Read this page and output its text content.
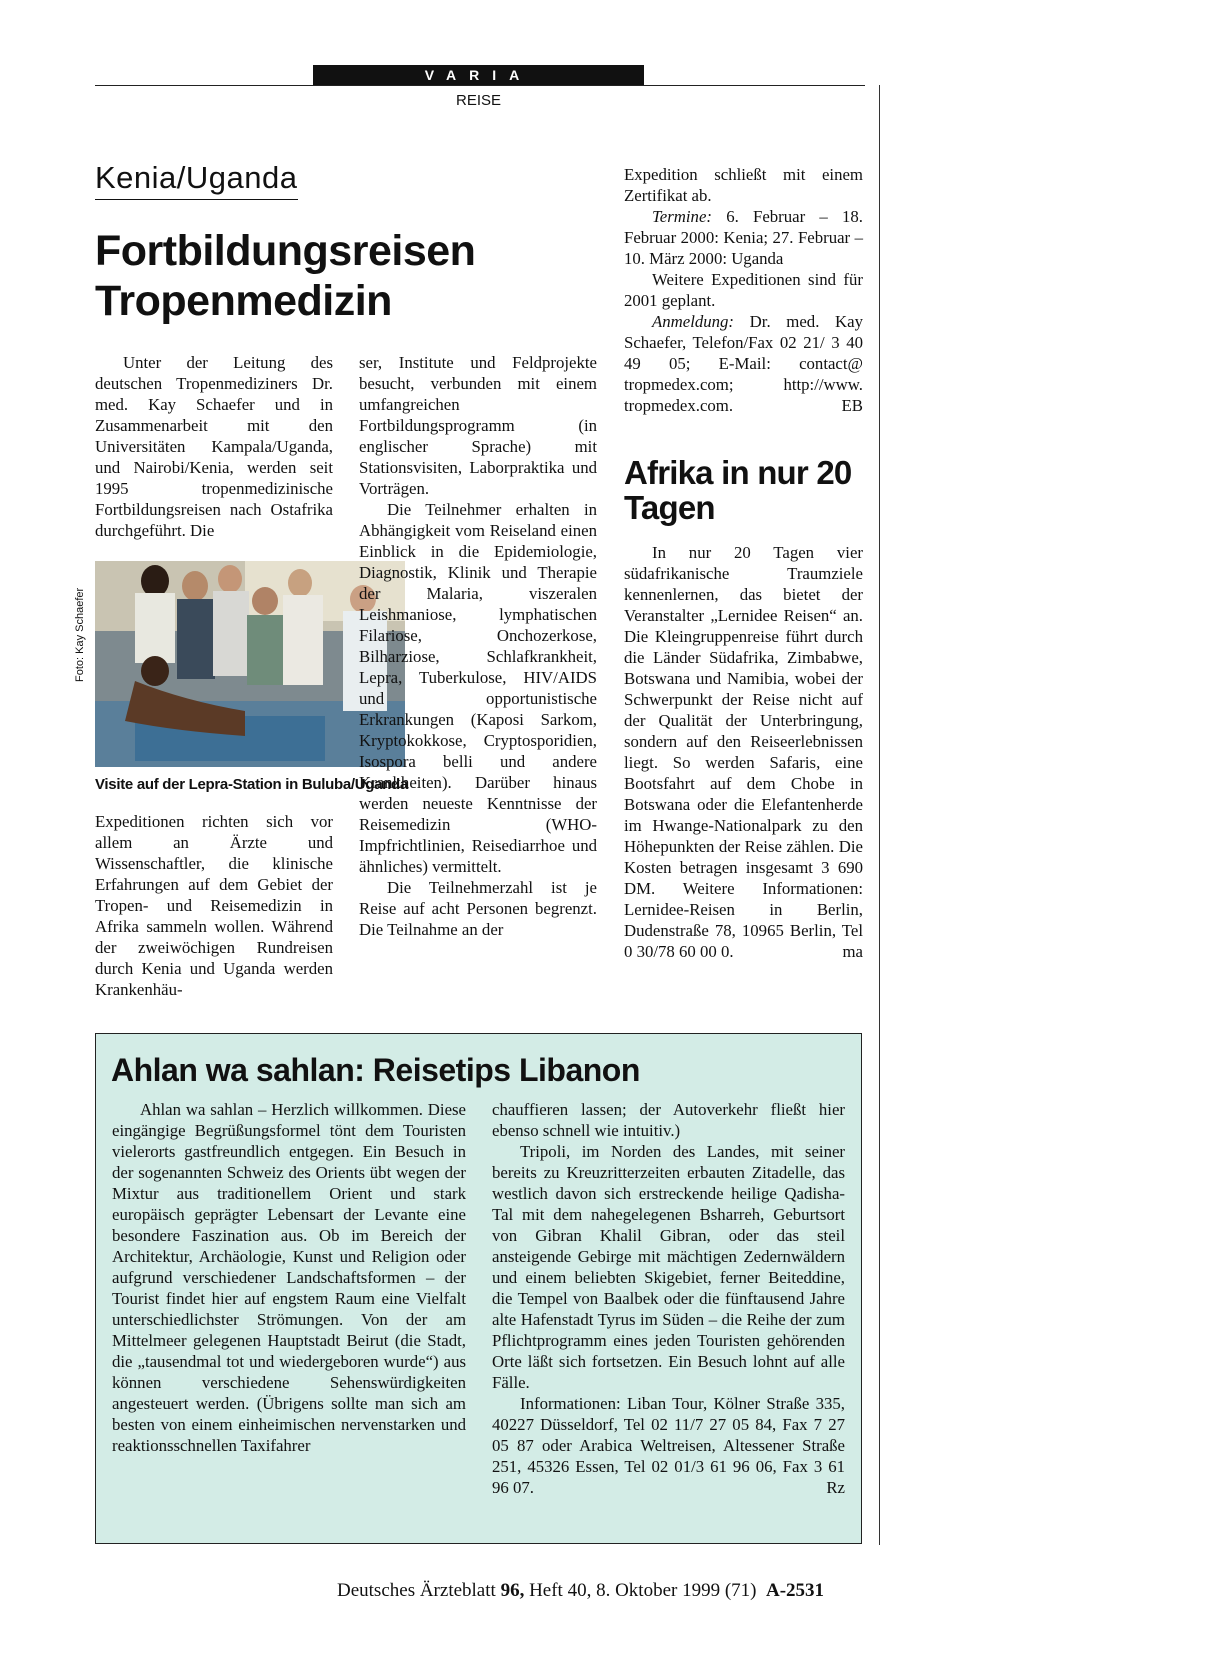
VARIA
REISE
Kenia/Uganda
Fortbildungsreisen
Tropenmedizin

Unter der Leitung des deutschen Tropenmediziners Dr. med. Kay Schaefer und in Zusammenarbeit mit den Universitäten Kampala/Uganda, und Nairobi/Kenia, werden seit 1995 tropenmedizinische Fortbildungsreisen nach Ostafrika durchgeführt. Die

Foto: Kay Schaefer
Visite auf der Lepra-Station in Buluba/Uganda

Expeditionen richten sich vor allem an Ärzte und Wissenschaftler, die klinische Erfahrungen auf dem Gebiet der Tropen- und Reisemedizin in Afrika sammeln wollen. Während der zweiwöchigen Rundreisen durch Kenia und Uganda werden Krankenhäu-

ser, Institute und Feldprojekte besucht, verbunden mit einem umfangreichen Fortbildungsprogramm (in englischer Sprache) mit Stationsvisiten, Laborpraktika und Vorträgen.

Die Teilnehmer erhalten in Abhängigkeit vom Reiseland einen Einblick in die Epidemiologie, Diagnostik, Klinik und Therapie der Malaria, viszeralen Leishmaniose, lymphatischen Filariose, Onchozerkose, Bilharziose, Schlafkrankheit, Lepra, Tuberkulose, HIV/AIDS und opportunistische Erkrankungen (Kaposi Sarkom, Kryptokokkose, Cryptosporidien, Isospora belli und andere Krankheiten). Darüber hinaus werden neueste Kenntnisse der Reisemedizin (WHO-Impfrichtlinien, Reisediarrhoe und ähnliches) vermittelt.

Die Teilnehmerzahl ist je Reise auf acht Personen begrenzt. Die Teilnahme an der

Expedition schließt mit einem Zertifikat ab.

Termine: 6. Februar – 18. Februar 2000: Kenia; 27. Februar – 10. März 2000: Uganda

Weitere Expeditionen sind für 2001 geplant.

Anmeldung: Dr. med. Kay Schaefer, Telefon/Fax 02 21/ 3 40 49 05; E-Mail: contact@ tropmedex.com; http://www. tropmedex.com.	EB

Afrika in nur 20 Tagen

In nur 20 Tagen vier südafrikanische Traumziele kennenlernen, das bietet der Veranstalter „Lernidee Reisen“ an. Die Kleingruppenreise führt durch die Länder Südafrika, Zimbabwe, Botswana und Namibia, wobei der Schwerpunkt der Reise nicht auf der Qualität der Unterbringung, sondern auf den Reiseerlebnissen liegt. So werden Safaris, eine Bootsfahrt auf dem Chobe in Botswana oder die Elefantenherde im Hwange-Nationalpark zu den Höhepunkten der Reise zählen. Die Kosten betragen insgesamt 3 690 DM. Weitere Informationen: Lernidee-Reisen in Berlin, Dudenstraße 78, 10965 Berlin, Tel 0 30/78 60 00 0.	ma

Ahlan wa sahlan: Reisetips Libanon

Ahlan wa sahlan – Herzlich willkommen. Diese eingängige Begrüßungsformel tönt dem Touristen vielerorts gastfreundlich entgegen. Ein Besuch in der sogenannten Schweiz des Orients übt wegen der Mixtur aus traditionellem Orient und stark europäisch geprägter Lebensart der Levante eine besondere Faszination aus. Ob im Bereich der Architektur, Archäologie, Kunst und Religion oder aufgrund verschiedener Landschaftsformen – der Tourist findet hier auf engstem Raum eine Vielfalt unterschiedlichster Strömungen. Von der am Mittelmeer gelegenen Hauptstadt Beirut (die Stadt, die „tausendmal tot und wiedergeboren wurde“) aus können verschiedene Sehenswürdigkeiten angesteuert werden. (Übrigens sollte man sich am besten von einem einheimischen nervenstarken und reaktionsschnellen Taxifahrer

chauffieren lassen; der Autoverkehr fließt hier ebenso schnell wie intuitiv.)

Tripoli, im Norden des Landes, mit seiner bereits zu Kreuzritterzeiten erbauten Zitadelle, das westlich davon sich erstreckende heilige Qadisha-Tal mit dem nahegelegenen Bsharreh, Geburtsort von Gibran Khalil Gibran, oder das steil ansteigende Gebirge mit mächtigen Zedernwäldern und einem beliebten Skigebiet, ferner Beiteddine, die Tempel von Baalbek oder die fünftausend Jahre alte Hafenstadt Tyrus im Süden – die Reihe der zum Pflichtprogramm eines jeden Touristen gehörenden Orte läßt sich fortsetzen. Ein Besuch lohnt auf alle Fälle.

Informationen: Liban Tour, Kölner Straße 335, 40227 Düsseldorf, Tel 02 11/7 27 05 84, Fax 7 27 05 87 oder Arabica Weltreisen, Altessener Straße 251, 45326 Essen, Tel 02 01/3 61 96 06, Fax 3 61 96 07.	Rz

Deutsches Ärzteblatt 96, Heft 40, 8. Oktober 1999 (71) A-2531
